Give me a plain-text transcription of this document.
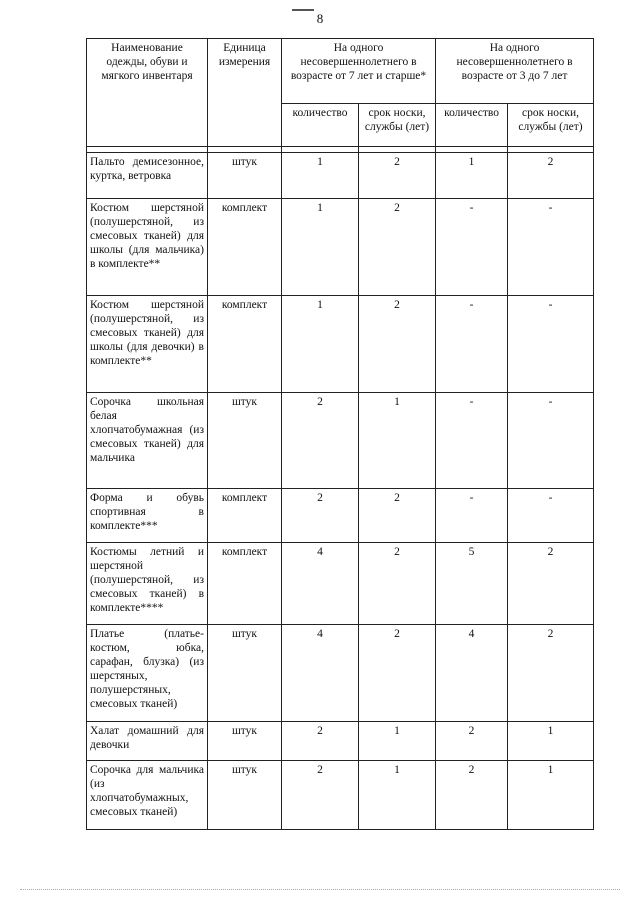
8
Наименование одежды, обуви и мягкого инвентаря	Единица измерения	На одного несовершеннолетнего в возрасте от 7 лет и старше*		На одного несовершеннолетнего в возрасте от 3 до 7 лет	
		количество	срок носки, службы (лет)	количество	срок носки, службы (лет)

Пальто демисезонное, куртка, ветровка	штук	1	2	1	2
Костюм шерстяной (полушерстяной, из смесовых тканей) для школы (для мальчика) в комплекте**	комплект	1	2	-	-
Костюм шерстяной (полушерстяной, из смесовых тканей) для школы (для девочки) в комплекте**	комплект	1	2	-	-
Сорочка школьная белая хлопчатобумажная (из смесовых тканей) для мальчика	штук	2	1	-	-
Форма и обувь спортивная в комплекте***	комплект	2	2	-	-
Костюмы летний и шерстяной (полушерстяной, из смесовых тканей) в комплекте****	комплект	4	2	5	2
Платье (платье-костюм, юбка, сарафан, блузка) (из шерстяных, полушерстяных, смесовых тканей)	штук	4	2	4	2
Халат домашний для девочки	штук	2	1	2	1
Сорочка для мальчика (из хлопчатобумажных, смесовых тканей)	штук	2	1	2	1
